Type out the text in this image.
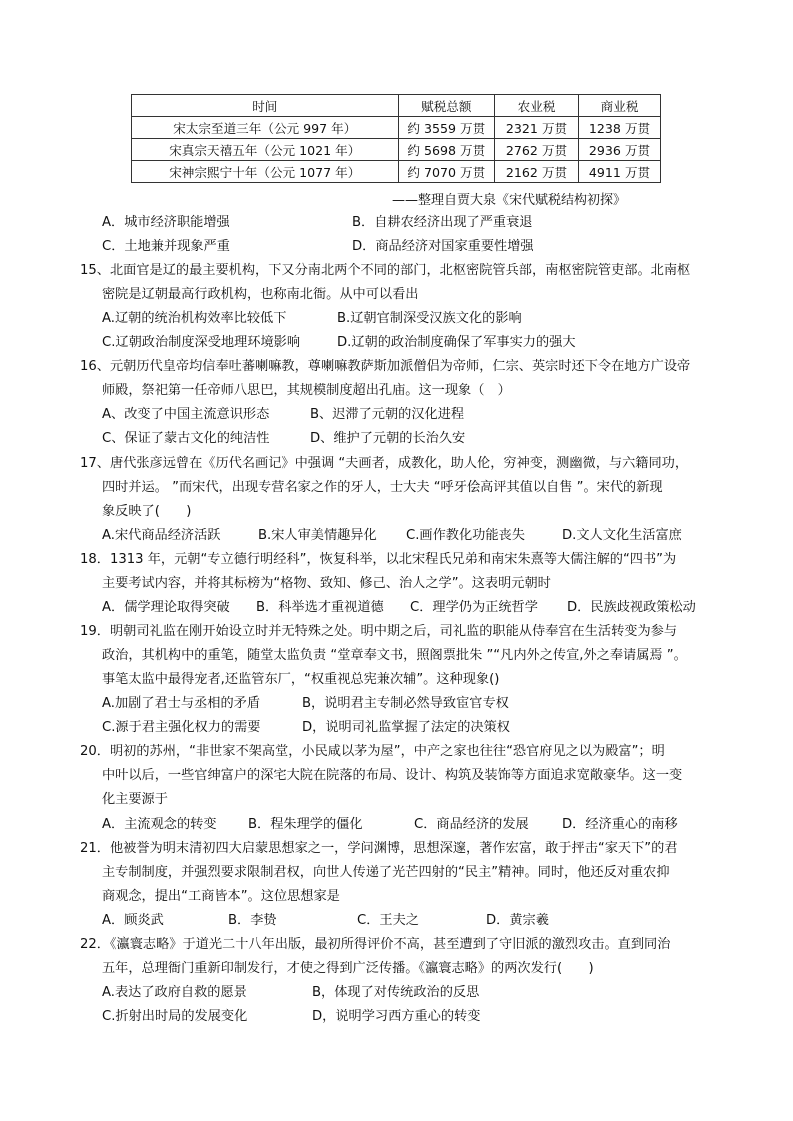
时间	赋税总额	农业税	商业税
宋太宗至道三年（公元 997 年）	约 3559 万贯	2321 万贯	1238 万贯
宋真宗天禧五年（公元 1021 年）	约 5698 万贯	2762 万贯	2936 万贯
宋神宗熙宁十年（公元 1077 年）	约 7070 万贯	2162 万贯	4911 万贯
——整理自贾大泉《宋代赋税结构初探》
A．城市经济职能增强	B．自耕农经济出现了严重衰退
C．土地兼并现象严重	D．商品经济对国家重要性增强
15、北面官是辽的最主要机构，下又分南北两个不同的部门，北枢密院管兵部，南枢密院管吏部。北南枢
密院是辽朝最高行政机构，也称南北衙。从中可以看出
A.辽朝的统治机构效率比较低下	B.辽朝官制深受汉族文化的影响
C.辽朝政治制度深受地理环境影响	D.辽朝的政治制度确保了军事实力的强大
16、元朝历代皇帝均信奉吐蕃喇嘛教，尊喇嘛教萨斯加派僧侣为帝师，仁宗、英宗时还下令在地方广设帝
师殿，祭祀第一任帝师八思巴，其规模制度超出孔庙。这一现象（　）
A、改变了中国主流意识形态	B、迟滞了元朝的汉化进程
C、保证了蒙古文化的纯洁性	D、维护了元朝的长治久安
17、唐代张彦远曾在《历代名画记》中强调 “夫画者，成教化，助人伦，穷神变，测幽微，与六籍同功，
四时并运。 ”而宋代，出现专营名家之作的牙人，士大夫 “呼牙侩高评其值以自售 ”。宋代的新现
象反映了(　　)
A.宋代商品经济活跃	B.宋人审美情趣异化 C.画作教化功能丧失	D.文人文化生活富庶
18．1313 年，元朝“专立德行明经科”，恢复科举，以北宋程氏兄弟和南宋朱熹等大儒注解的“四书”为
主要考试内容，并将其标榜为“格物、致知、修己、治人之学”。这表明元朝时
A．儒学理论取得突破 B．科举选才重视道德 C．理学仍为正统哲学 D．民族歧视政策松动
19．明朝司礼监在刚开始设立时并无特殊之处。明中期之后，司礼监的职能从侍奉宫在生活转变为参与
政治，其机构中的重笔，随堂太监负责 “堂章奉文书，照阁票批朱 ”“凡内外之传宣,外之奉请属焉 ”。
事笔太监中最得宠者,还监管东厂，“权重视总宪兼次辅”。这种现象()
A.加剧了君士与丞相的矛盾	B，说明君主专制必然导致宦官专权
C.源于君主强化权力的需要	D，说明司礼监掌握了法定的决策权
20．明初的苏州，“非世家不架高堂，小民咸以茅为屋”，中产之家也往往“恐官府见之以为殿富”；明
中叶以后，一些官绅富户的深宅大院在院落的布局、设计、构筑及装饰等方面追求宽敞豪华。这一变
化主要源于
A．主流观念的转变 B．程朱理学的僵化	C．商品经济的发展	D．经济重心的南移
21．他被誉为明末清初四大启蒙思想家之一，学问渊博，思想深邃，著作宏富，敢于抨击“家天下”的君
主专制制度，并强烈要求限制君权，向世人传递了光芒四射的“民主”精神。同时，他还反对重农抑
商观念，提出“工商皆本”。这位思想家是
A．顾炎武	B．李贽	C．王夫之	D．黄宗羲
22．《瀛寰志略》于道光二十八年出版，最初所得评价不高，甚至遭到了守旧派的激烈攻击。直到同治
五年，总理衙门重新印制发行，才使之得到广泛传播。《瀛寰志略》的两次发行(　　)
A.表达了政府自救的愿景	B，体现了对传统政治的反思
C.折射出时局的发展变化	D，说明学习西方重心的转变
